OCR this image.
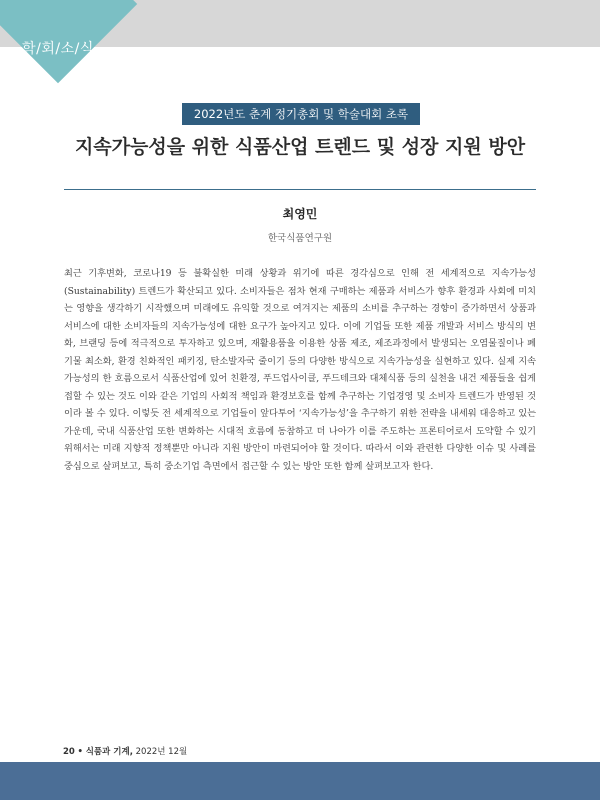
학/회/소/식
2022년도 춘계 정기총회 및 학술대회 초록
지속가능성을 위한 식품산업 트렌드 및 성장 지원 방안
최영민
한국식품연구원

최근 기후변화, 코로나19 등 불확실한 미래 상황과 위기에 따른 경각심으로 인해 전 세계적으로 지속가능성(Sustainability) 트렌드가 확산되고 있다. 소비자들은 점차 현재 구매하는 제품과 서비스가 향후 환경과 사회에 미치는 영향을 생각하기 시작했으며 미래에도 유익할 것으로 여겨지는 제품의 소비를 추구하는 경향이 증가하면서 상품과 서비스에 대한 소비자들의 지속가능성에 대한 요구가 높아지고 있다. 이에 기업들 또한 제품 개발과 서비스 방식의 변화, 브랜딩 등에 적극적으로 투자하고 있으며, 재활용품을 이용한 상품 제조, 제조과정에서 발생되는 오염물질이나 폐기물 최소화, 환경 친화적인 패키징, 탄소발자국 줄이기 등의 다양한 방식으로 지속가능성을 실현하고 있다. 실제 지속가능성의 한 흐름으로서 식품산업에 있어 친환경, 푸드업사이클, 푸드테크와 대체식품 등의 실천을 내건 제품들을 쉽게 접할 수 있는 것도 이와 같은 기업의 사회적 책임과 환경보호를 함께 추구하는 기업경영 및 소비자 트렌드가 반영된 것이라 볼 수 있다. 이렇듯 전 세계적으로 기업들이 앞다투어 ‘지속가능성’을 추구하기 위한 전략을 내세워 대응하고 있는 가운데, 국내 식품산업 또한 변화하는 시대적 흐름에 동참하고 더 나아가 이를 주도하는 프론티어로서 도약할 수 있기 위해서는 미래 지향적 정책뿐만 아니라 지원 방안이 마련되어야 할 것이다. 따라서 이와 관련한 다양한 이슈 및 사례를 중심으로 살펴보고, 특히 중소기업 측면에서 접근할 수 있는 방안 또한 함께 살펴보고자 한다.

20 • 식품과 기계, 2022년 12월
